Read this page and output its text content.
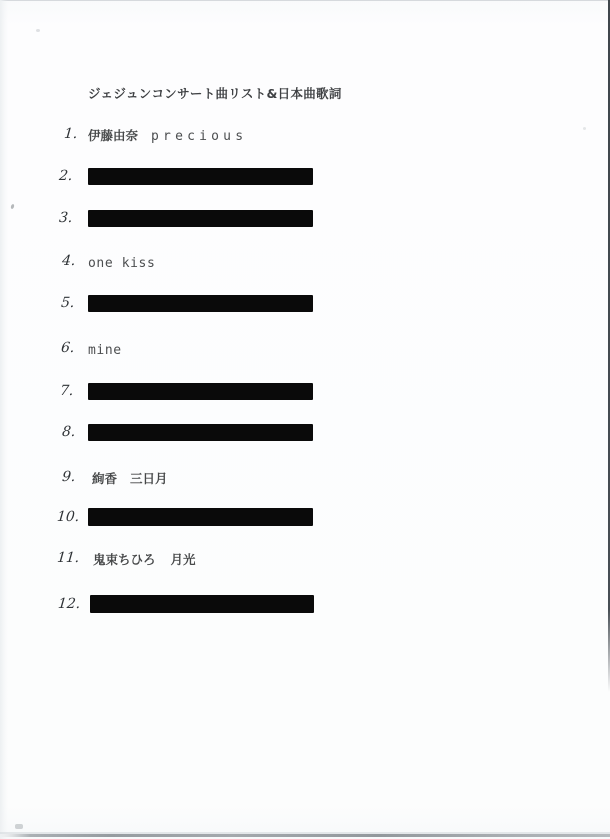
ジェジュンコンサート曲リスト&日本曲歌詞
1. 伊藤由奈 precious
2.
3.
4. one kiss
5.
6. mine
7.
8.
9. 絢香 三日月
10.
11. 鬼束ちひろ 月光
12.
